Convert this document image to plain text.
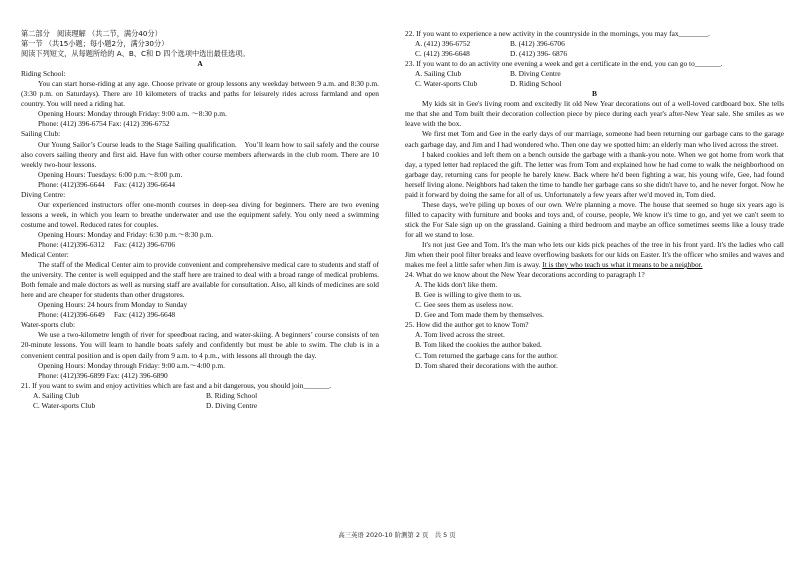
第二部分　阅读理解 （共二节，满分40分）

第一节 （共15小题；每小题2分，满分30分）

阅读下列短文，从每题所给的 A、B、C和 D 四个选项中选出最佳选项。

A

Riding School:

You can start horse-riding at any age. Choose private or group lessons any weekday between 9 a.m. and 8:30 p.m. (3:30 p.m. on Saturdays). There are 10 kilometers of tracks and paths for leisurely rides across farmland and open country. You will need a riding hat.

Opening Hours: Monday through Friday: 9:00 a.m. ～8:30 p.m.

Phone: (412) 396-6754 Fax: (412) 396-6752

Sailing Club:

Our Young Sailor’s Course leads to the Stage Sailing qualification.　You’ll learn how to sail safely and the course also covers sailing theory and first aid. Have fun with other course members afterwards in the club room. There are 10 weekly two-hour lessons.

Opening Hours: Tuesdays: 6:00 p.m.～8:00 p.m.

Phone: (412)396-6644　 Fax: (412) 396-6644

Diving Centre:

Our experienced instructors offer one-month courses in deep-sea diving for beginners. There are two evening lessons a week, in which you learn to breathe underwater and use the equipment safely. You only need a swimming costume and towel. Reduced rates for couples.

Opening Hours: Monday and Friday: 6:30 p.m.～8:30 p.m.

Phone: (412)396-6312　 Fax: (412) 396-6706

Medical Center:

The staff of the Medical Center aim to provide convenient and comprehensive medical care to students and staff of the university. The center is well equipped and the staff here are trained to deal with a broad range of medical problems. Both female and male doctors as well as nursing staff are available for consultation. Also, all kinds of medicines are sold here and are cheaper for students than other drugstores.

Opening Hours: 24 hours from Monday to Sunday

Phone: (412)396-6649　 Fax: (412) 396-6648

Water-sports club:

We use a two-kilometre length of river for speedboat racing, and water-skiing. A beginners’ course consists of ten 20-minute lessons. You will learn to handle boats safely and confidently but must be able to swim. The club is in a convenient central position and is open daily from 9 a.m. to 4 p.m., with lessons all through the day.

Opening Hours: Monday through Friday: 9:00 a.m.～4:00 p.m.

Phone: (412)396-6899 Fax: (412) 396-6890

21. If you want to swim and enjoy activities which are fast and a bit dangerous, you should join_______.

A. Sailing Club	B. Riding School
C. Water-sports Club	D. Diving Centre

22. If you want to experience a new activity in the countryside in the mornings, you may fax________.

A. (412) 396-6752	B. (412) 396-6706
C. (412) 396-6648	D. (412) 396- 6876

23. If you want to do an activity one evening a week and get a certificate in the end, you can go to_______.

A. Sailing Club	B. Diving Centre
C. Water-sports Club	D. Riding School

B

My kids sit in Gee's living room and excitedly lit old New Year decorations out of a well-loved cardboard box. She tells me that she and Tom built their decoration collection piece by piece during each year's after-New Year sale. She smiles as we leave with the box.

We first met Tom and Gee in the early days of our marriage, someone had been returning our garbage cans to the garage each garbage day, and Jim and I had wondered who. Then one day we spotted him: an elderly man who lived across the street.

I baked cookies and left them on a bench outside the garbage with a thank-you note. When we got home from work that day, a typed letter had replaced the gift. The letter was from Tom and explained how he had come to walk the neighborhood on garbage day, returning cans for people he barely knew. Back where he'd been fighting a war, his young wife, Gee, had found herself living alone. Neighbors had taken the time to handle her garbage cans so she didn't have to, and he never forgot. Now he paid it forward by doing the same for all of us. Unfortunately a few years after we'd moved in, Tom died.

These days, we're piling up boxes of our own. We're planning a move. The house that seemed so huge six years ago is filled to capacity with furniture and books and toys and, of course, people, We know it's time to go, and yet we can't seem to stick the For Sale sign up on the grassland. Gaining a third bedroom and maybe an office sometimes seems like a lousy trade for all we stand to lose.

It's not just Gee and Tom. It's the man who lets our kids pick peaches of the tree in his front yard. It's the ladies who call Jim when their pool filter breaks and leave overflowing baskets for our kids on Easter. It's the officer who smiles and waves and makes me feel a little safer when Jim is away. It is they who teach us what it means to be a neighbor.

24. What do we know about the New Year decorations according to paragraph 1?

A. The kids don't like them.
B. Gee is willing to give them to us.
C. Gee sees them as useless now.
D. Gee and Tom made them by themselves.

25. How did the author get to know Tom?

A. Tom lived across the street.
B. Tom liked the cookies the author baked.
C. Tom returned the garbage cans for the author.
D. Tom shared their decorations with the author.
高三英语 2020-10 阶测第 2 页　共 5 页
